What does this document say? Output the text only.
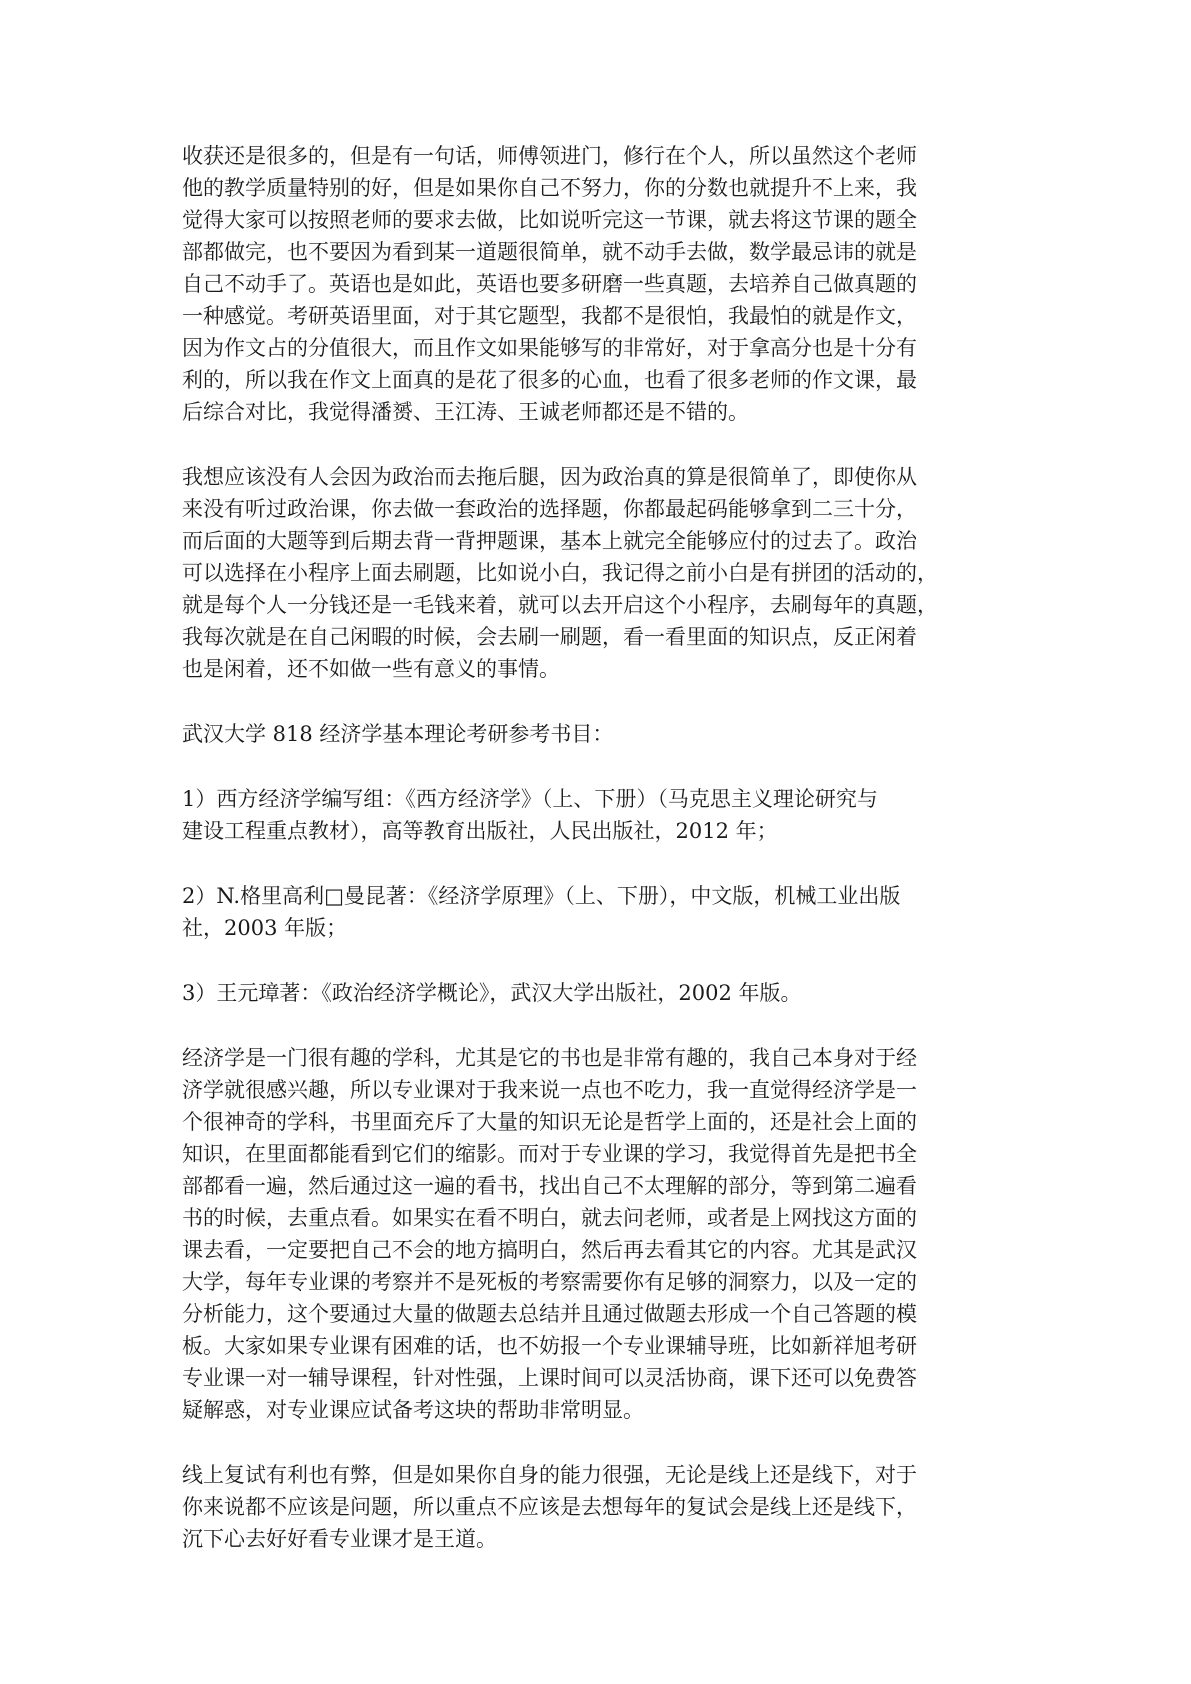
收获还是很多的，但是有一句话，师傅领进门，修行在个人，所以虽然这个老师
他的教学质量特别的好，但是如果你自己不努力，你的分数也就提升不上来，我
觉得大家可以按照老师的要求去做，比如说听完这一节课，就去将这节课的题全
部都做完，也不要因为看到某一道题很简单，就不动手去做，数学最忌讳的就是
自己不动手了。英语也是如此，英语也要多研磨一些真题，去培养自己做真题的
一种感觉。考研英语里面，对于其它题型，我都不是很怕，我最怕的就是作文，
因为作文占的分值很大，而且作文如果能够写的非常好，对于拿高分也是十分有
利的，所以我在作文上面真的是花了很多的心血，也看了很多老师的作文课，最
后综合对比，我觉得潘赟、王江涛、王诚老师都还是不错的。
我想应该没有人会因为政治而去拖后腿，因为政治真的算是很简单了，即使你从
来没有听过政治课，你去做一套政治的选择题，你都最起码能够拿到二三十分，
而后面的大题等到后期去背一背押题课，基本上就完全能够应付的过去了。政治
可以选择在小程序上面去刷题，比如说小白，我记得之前小白是有拼团的活动的，
就是每个人一分钱还是一毛钱来着，就可以去开启这个小程序，去刷每年的真题，
我每次就是在自己闲暇的时候，会去刷一刷题，看一看里面的知识点，反正闲着
也是闲着，还不如做一些有意义的事情。
武汉大学 818 经济学基本理论考研参考书目：
1）西方经济学编写组：《西方经济学》（上、下册）（马克思主义理论研究与
建设工程重点教材），高等教育出版社，人民出版社，2012 年；
2）N.格里高利□曼昆著：《经济学原理》（上、下册），中文版，机械工业出版
社，2003 年版；
3）王元璋著：《政治经济学概论》，武汉大学出版社，2002 年版。
经济学是一门很有趣的学科，尤其是它的书也是非常有趣的，我自己本身对于经
济学就很感兴趣，所以专业课对于我来说一点也不吃力，我一直觉得经济学是一
个很神奇的学科，书里面充斥了大量的知识无论是哲学上面的，还是社会上面的
知识，在里面都能看到它们的缩影。而对于专业课的学习，我觉得首先是把书全
部都看一遍，然后通过这一遍的看书，找出自己不太理解的部分，等到第二遍看
书的时候，去重点看。如果实在看不明白，就去问老师，或者是上网找这方面的
课去看，一定要把自己不会的地方搞明白，然后再去看其它的内容。尤其是武汉
大学，每年专业课的考察并不是死板的考察需要你有足够的洞察力，以及一定的
分析能力，这个要通过大量的做题去总结并且通过做题去形成一个自己答题的模
板。大家如果专业课有困难的话，也不妨报一个专业课辅导班，比如新祥旭考研
专业课一对一辅导课程，针对性强，上课时间可以灵活协商，课下还可以免费答
疑解惑，对专业课应试备考这块的帮助非常明显。
线上复试有利也有弊，但是如果你自身的能力很强，无论是线上还是线下，对于
你来说都不应该是问题，所以重点不应该是去想每年的复试会是线上还是线下，
沉下心去好好看专业课才是王道。
